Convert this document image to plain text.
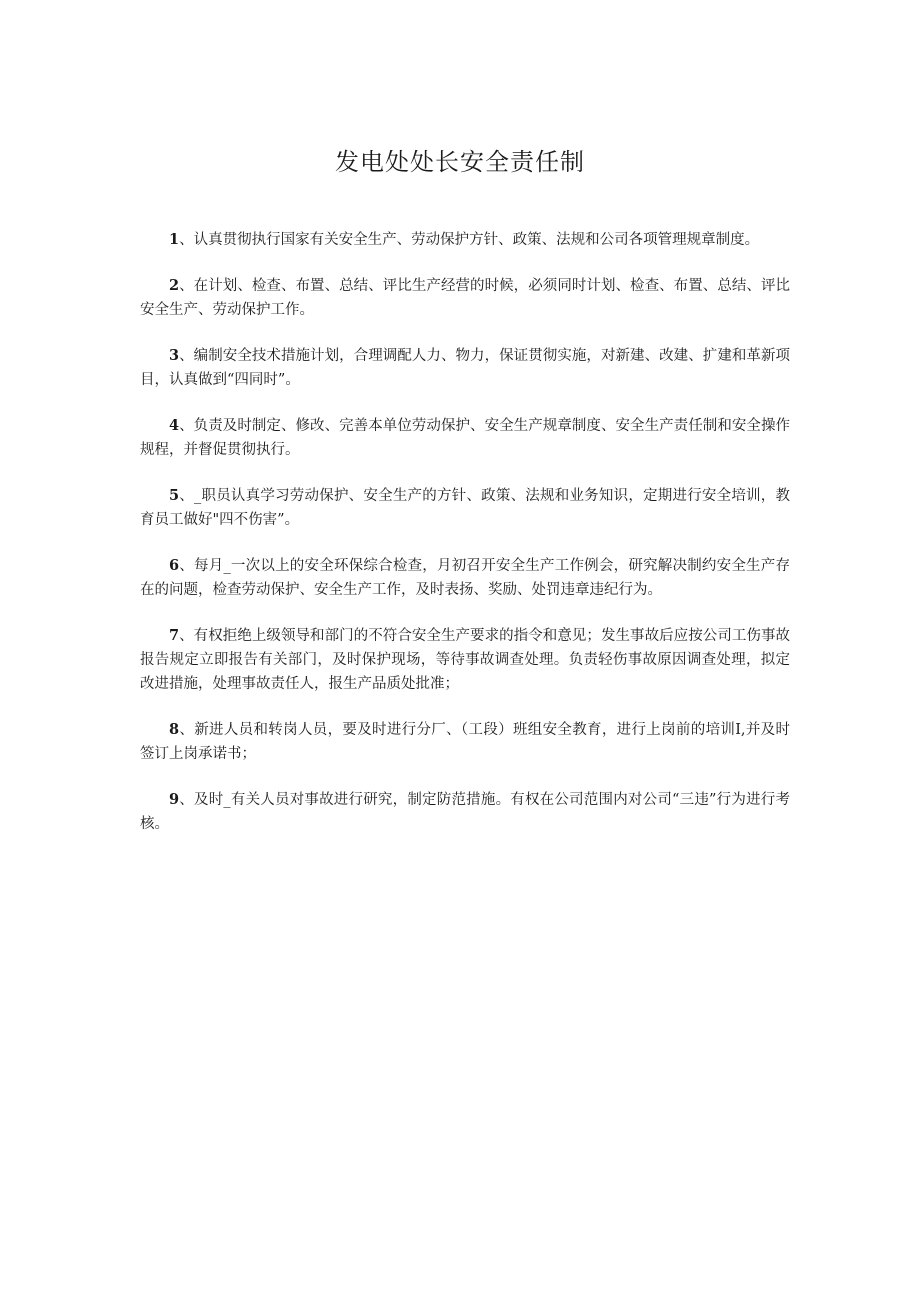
发电处处长安全责任制

1、认真贯彻执行国家有关安全生产、劳动保护方针、政策、法规和公司各项管理规章制度。

2、在计划、检查、布置、总结、评比生产经营的时候，必须同时计划、检查、布置、总结、评比安全生产、劳动保护工作。

3、编制安全技术措施计划，合理调配人力、物力，保证贯彻实施，对新建、改建、扩建和革新项目，认真做到“四同时”。

4、负责及时制定、修改、完善本单位劳动保护、安全生产规章制度、安全生产责任制和安全操作规程，并督促贯彻执行。

5、_职员认真学习劳动保护、安全生产的方针、政策、法规和业务知识，定期进行安全培训，教育员工做好"四不伤害”。

6、每月_一次以上的安全环保综合检查，月初召开安全生产工作例会，研究解决制约安全生产存在的问题，检查劳动保护、安全生产工作，及时表扬、奖励、处罚违章违纪行为。

7、有权拒绝上级领导和部门的不符合安全生产要求的指令和意见；发生事故后应按公司工伤事故报告规定立即报告有关部门，及时保护现场，等待事故调查处理。负责轻伤事故原因调查处理，拟定改进措施，处理事故责任人，报生产品质处批准；

8、新进人员和转岗人员，要及时进行分厂、（工段）班组安全教育，进行上岗前的培训I,并及时签订上岗承诺书；

9、及时_有关人员对事故进行研究，制定防范措施。有权在公司范围内对公司“三违”行为进行考核。
